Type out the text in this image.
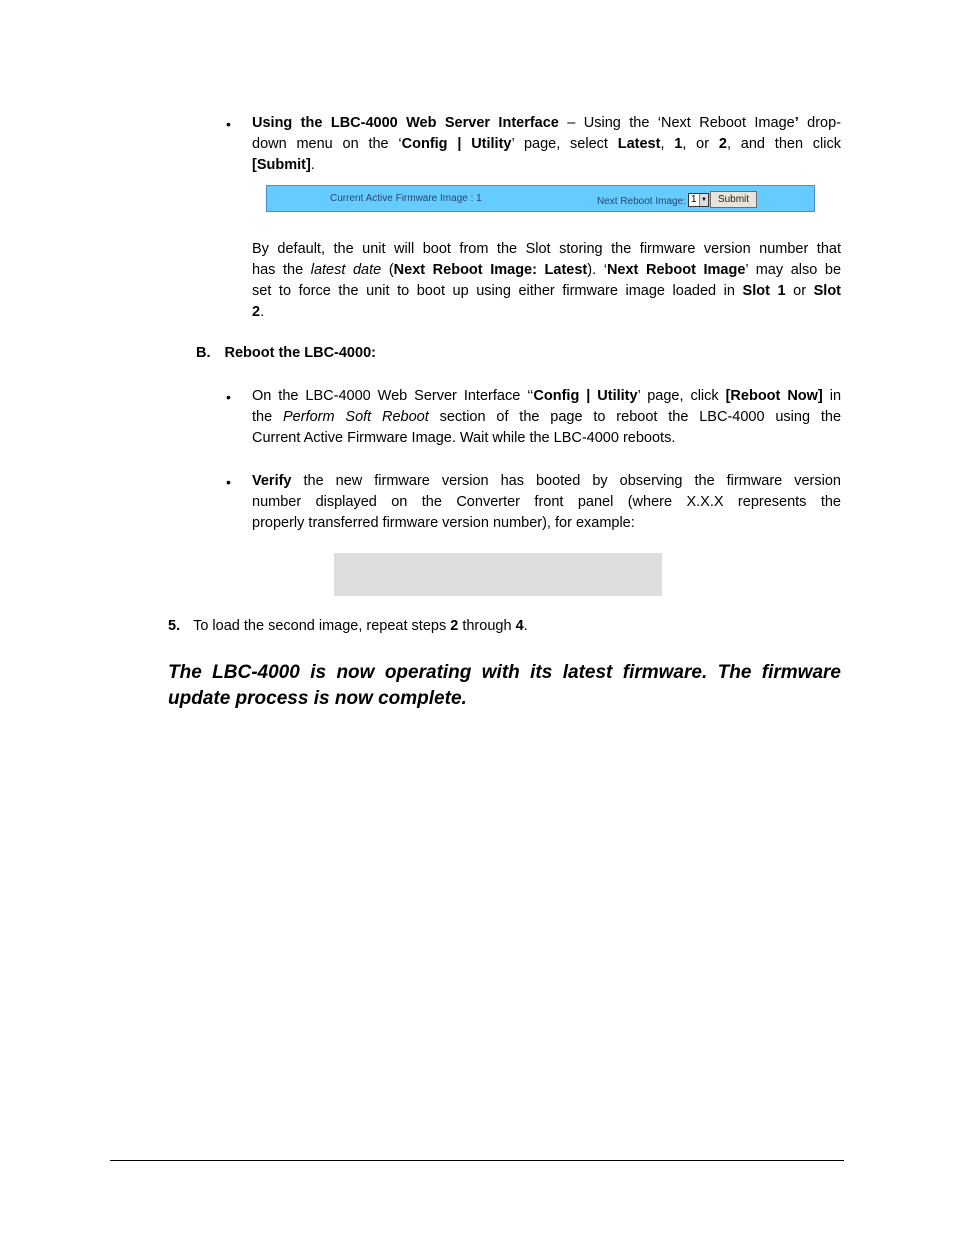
• Using the LBC-4000 Web Server Interface – Using the ‘Next Reboot Image’ drop-
down menu on the ‘Config | Utility’ page, select Latest, 1, or 2, and then click
[Submit].
Current Active Firmware Image : 1	Next Reboot Image: 1 ▼	Submit
By default, the unit will boot from the Slot storing the firmware version number that
has the latest date (Next Reboot Image: Latest). ‘Next Reboot Image’ may also be
set to force the unit to boot up using either firmware image loaded in Slot 1 or Slot
2.
B. Reboot the LBC-4000:
• On the LBC-4000 Web Server Interface ‘‘Config | Utility’ page, click [Reboot Now] in
the Perform Soft Reboot section of the page to reboot the LBC-4000 using the
Current Active Firmware Image. Wait while the LBC-4000 reboots.
• Verify the new firmware version has booted by observing the firmware version
number displayed on the Converter front panel (where X.X.X represents the
properly transferred firmware version number), for example:
5. To load the second image, repeat steps 2 through 4.
The LBC-4000 is now operating with its latest firmware. The firmware
update process is now complete.
